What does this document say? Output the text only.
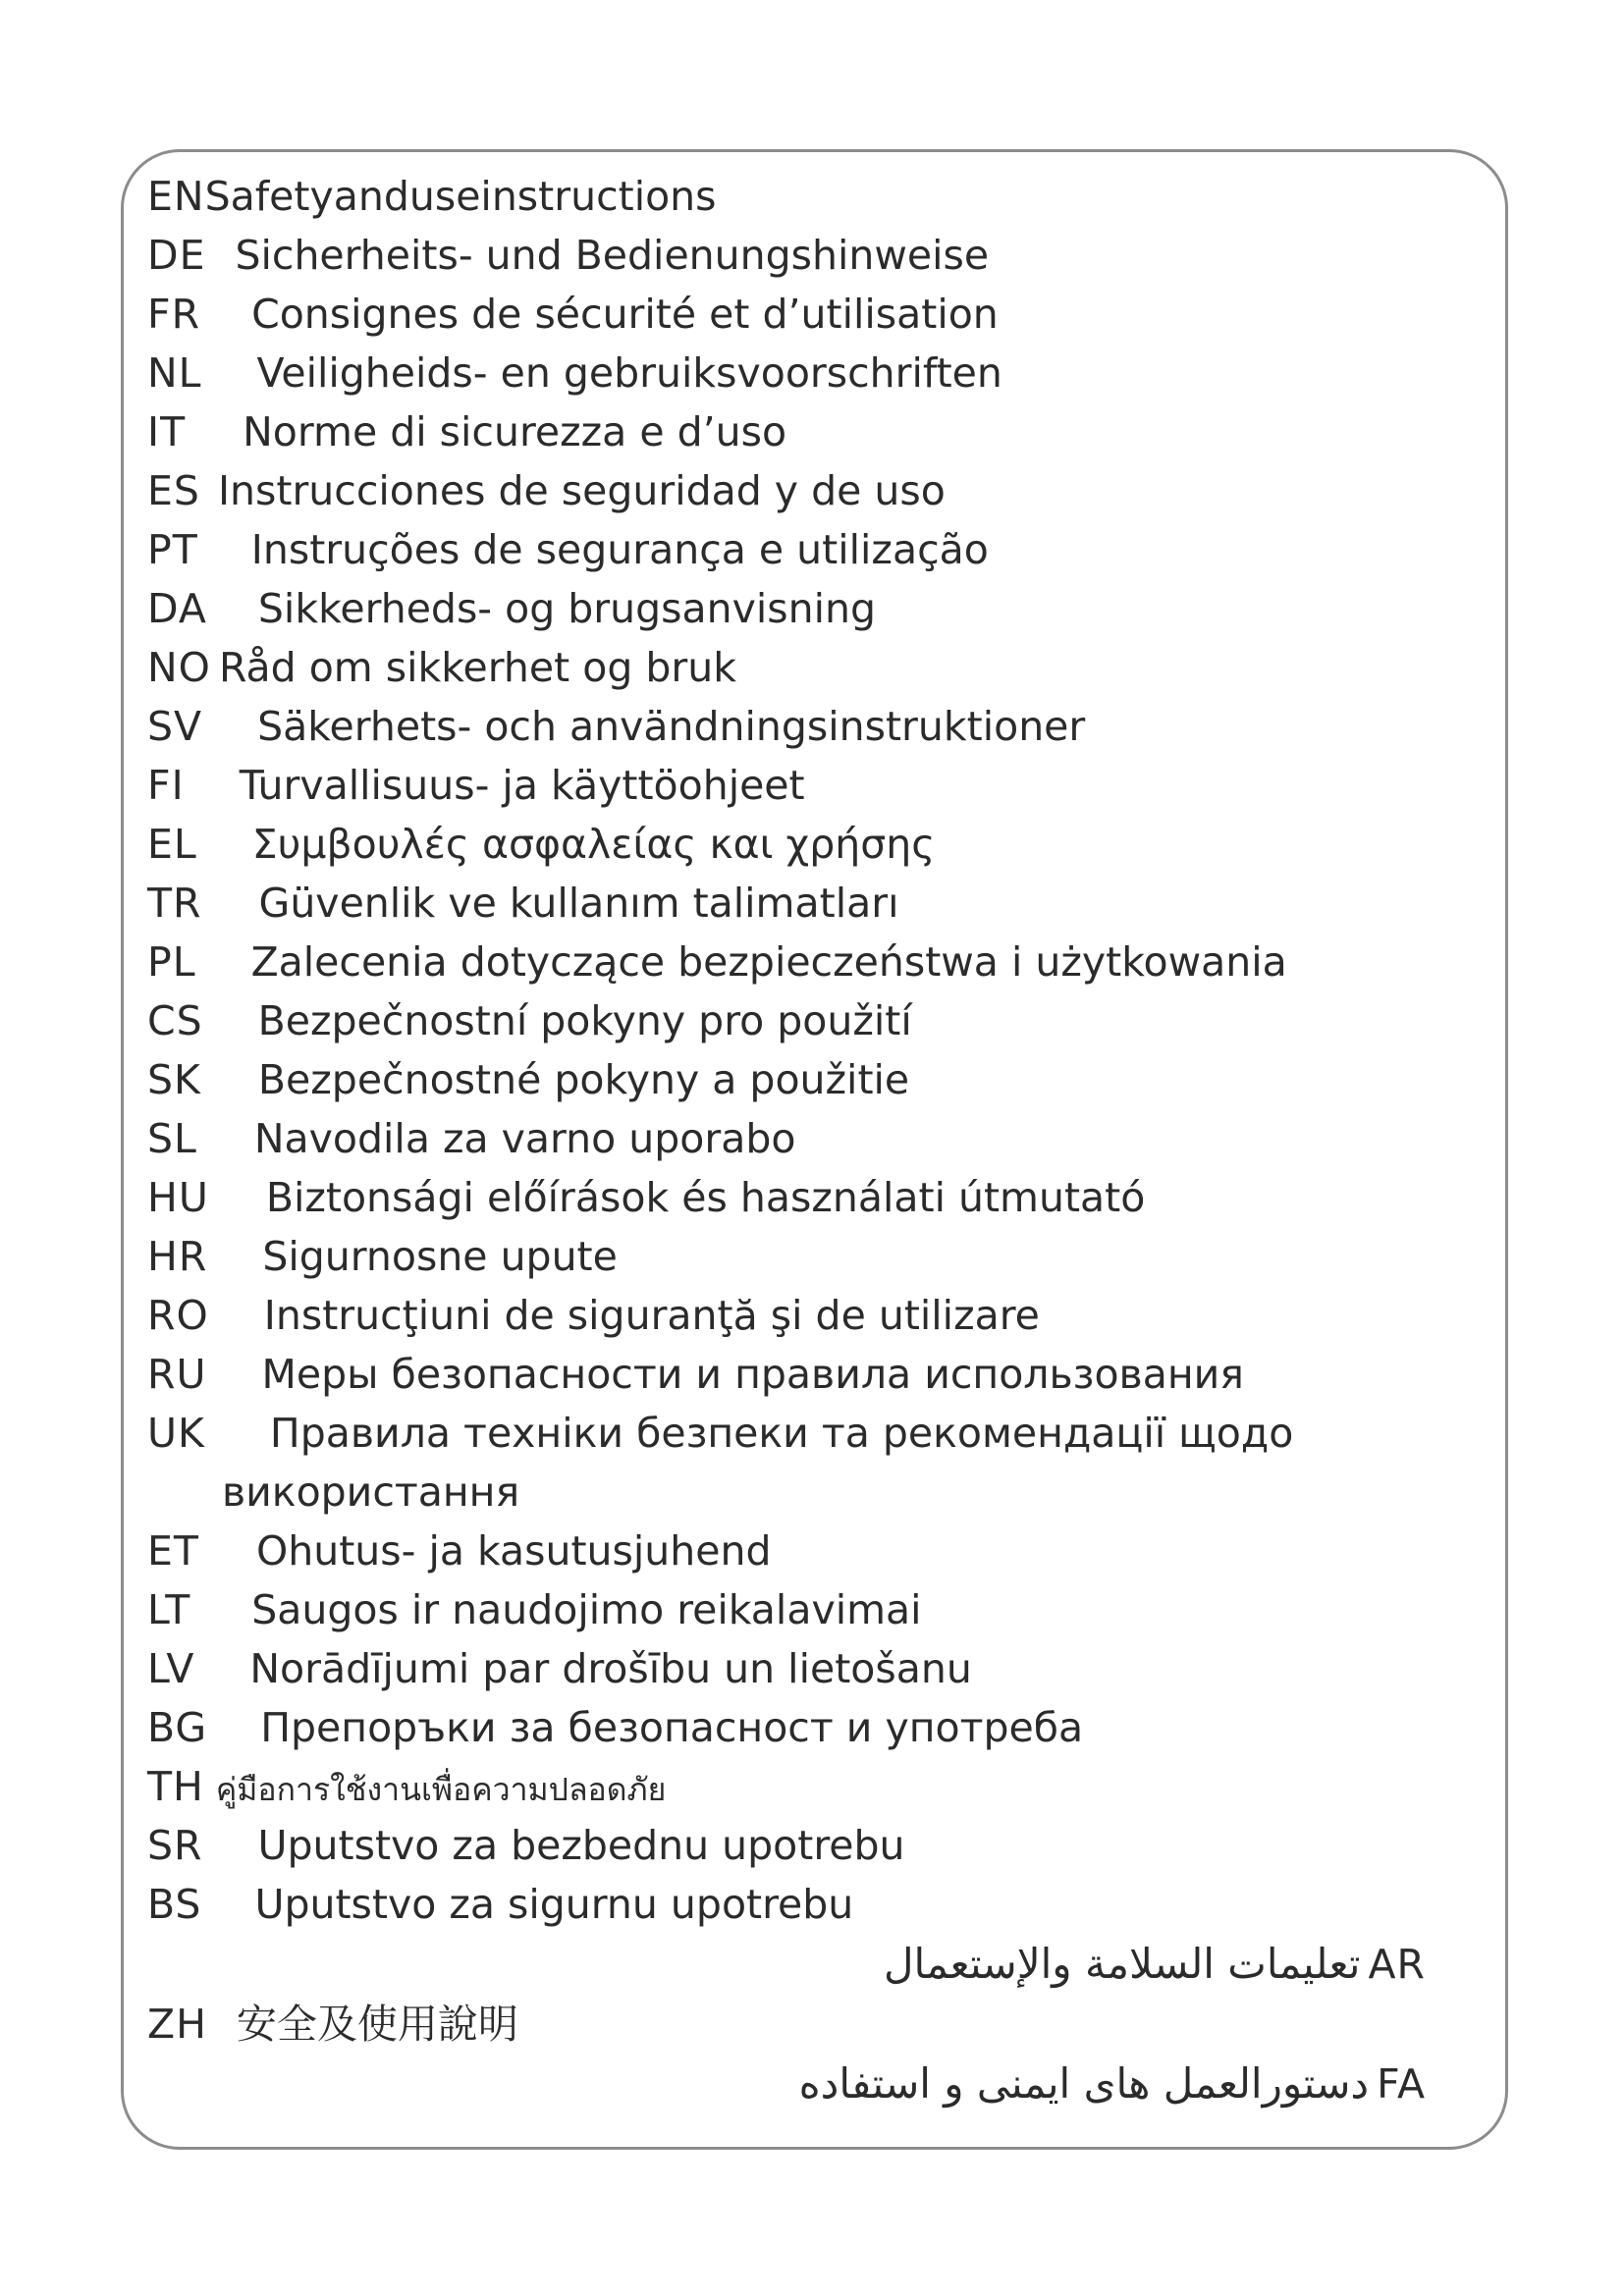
EN Safetyanduseinstructions
DE Sicherheits- und Bedienungshinweise
FR Consignes de sécurité et d’utilisation
NL Veiligheids- en gebruiksvoorschriften
IT Norme di sicurezza e d’uso
ES Instrucciones de seguridad y de uso
PT Instruções de segurança e utilização
DA Sikkerheds- og brugsanvisning
NO Råd om sikkerhet og bruk
SV Säkerhets- och användningsinstruktioner
FI Turvallisuus- ja käyttöohjeet
EL Συμβουλές ασφαλείας και χρήσης
TR Güvenlik ve kullanım talimatları
PL Zalecenia dotyczące bezpieczeństwa i użytkowania
CS Bezpečnostní pokyny pro použití
SK Bezpečnostné pokyny a použitie
SL Navodila za varno uporabo
HU Biztonsági előírások és használati útmutató
HR Sigurnosne upute
RO Instrucţiuni de siguranţă şi de utilizare
RU Меры безопасности и правила использования
UK Правила техніки безпеки та рекомендації щодо
використання
ET Ohutus- ja kasutusjuhend
LT Saugos ir naudojimo reikalavimai
LV Norādījumi par drošību un lietošanu
BG Препоръки за безопасност и употреба
TH คู่มือการใช้งานเพื่อความปลอดภัย
SR Uputstvo za bezbednu upotrebu
BS Uputstvo za sigurnu upotrebu
تعليمات السلامة والإستعمال AR
ZH 安全及使用說明
دستورالعمل های ایمنی و استفاده FA
